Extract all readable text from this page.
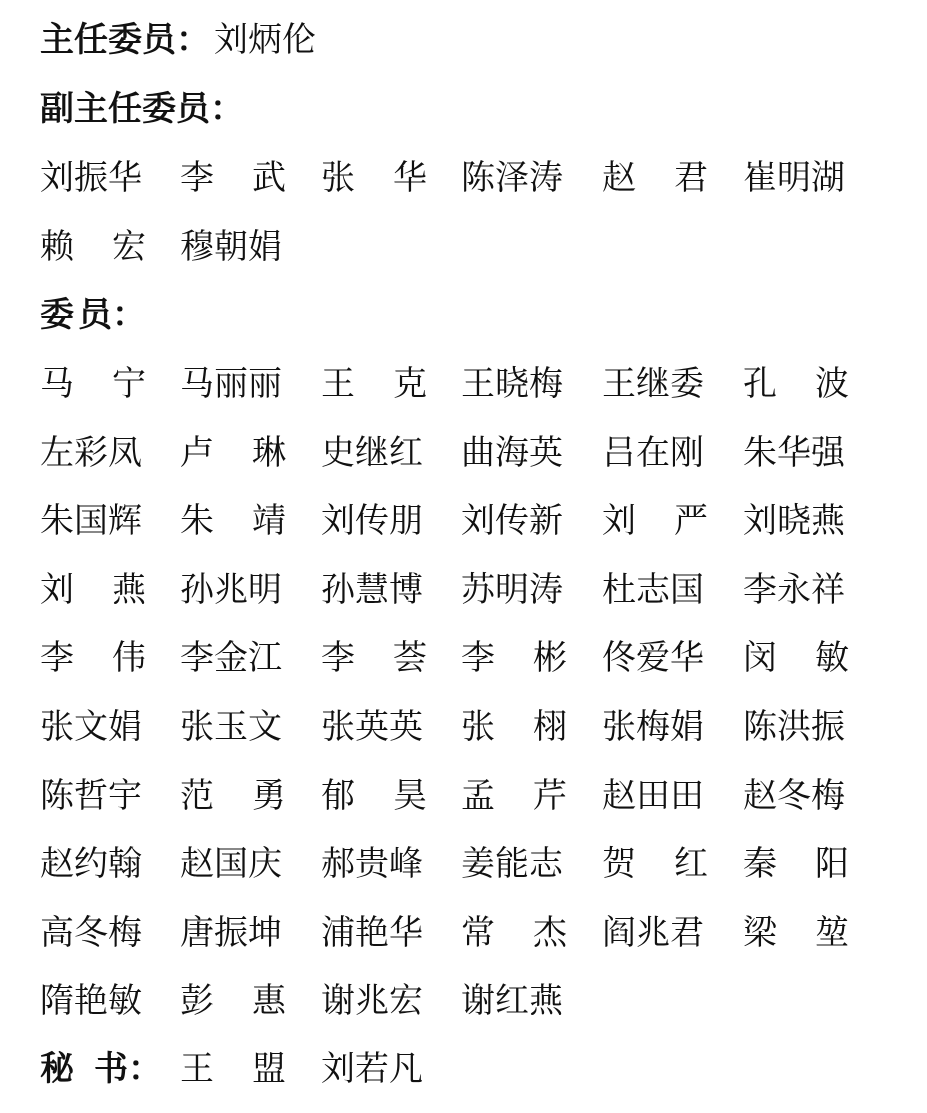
主任委员： 刘炳伦
副主任委员：
刘振华 李 武 张 华 陈泽涛 赵 君 崔明湖
赖 宏 穆朝娟
委 员：
马 宁 马丽丽 王 克 王晓梅 王继委 孔 波
左彩凤 卢 琳 史继红 曲海英 吕在刚 朱华强
朱国辉 朱 靖 刘传朋 刘传新 刘 严 刘晓燕
刘 燕 孙兆明 孙慧博 苏明涛 杜志国 李永祥
李 伟 李金江 李 荟 李 彬 佟爱华 闵 敏
张文娟 张玉文 张英英 张 栩 张梅娟 陈洪振
陈哲宇 范 勇 郁 昊 孟 芹 赵田田 赵冬梅
赵约翰 赵国庆 郝贵峰 姜能志 贺 红 秦 阳
高冬梅 唐振坤 浦艳华 常 杰 阎兆君 梁 堃
隋艳敏 彭 惠 谢兆宏 谢红燕
秘 书： 王 盟 刘若凡
